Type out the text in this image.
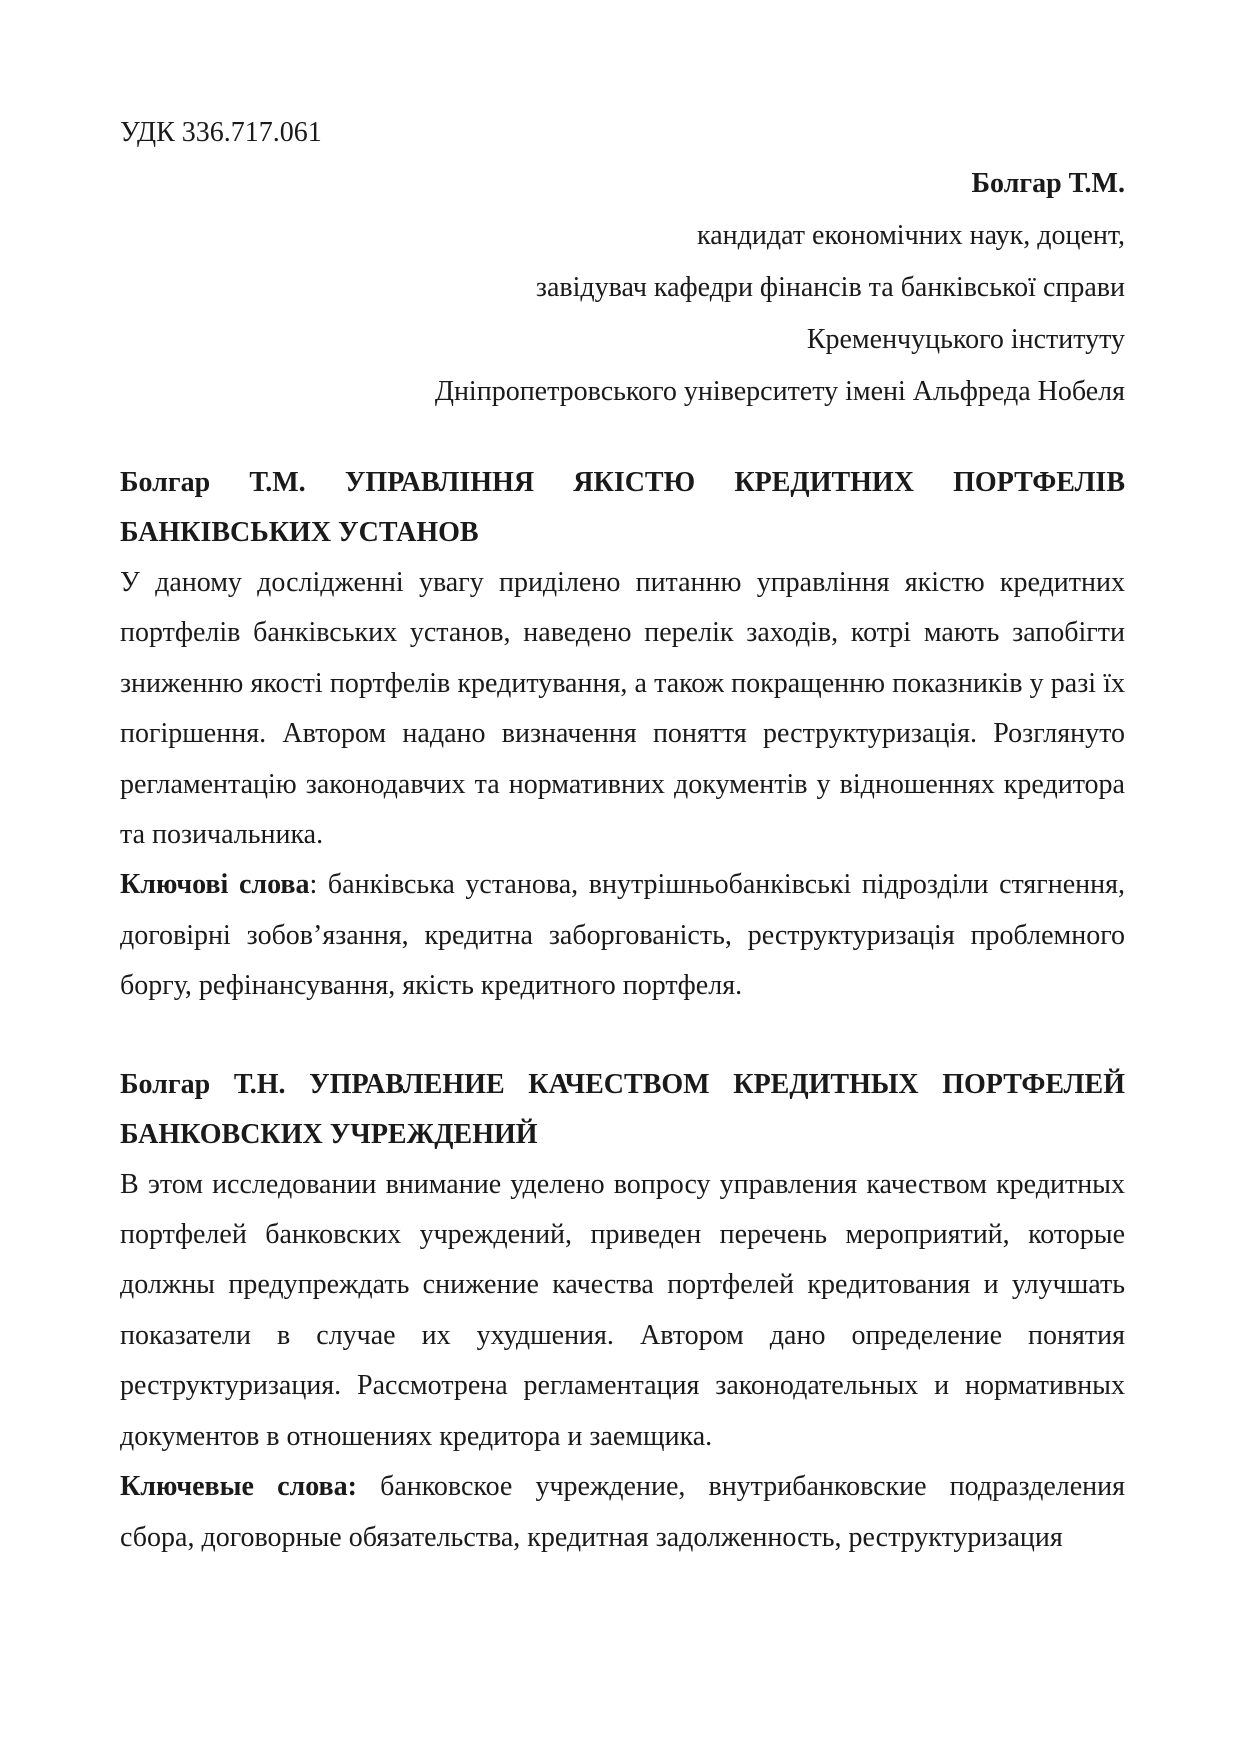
УДК 336.717.061

Болгар Т.М.

кандидат економічних наук, доцент,

завідувач кафедри фінансів та банківської справи

Кременчуцького інституту

Дніпропетровського університету імені Альфреда Нобеля

Болгар Т.М. УПРАВЛІННЯ ЯКІСТЮ КРЕДИТНИХ ПОРТФЕЛІВ БАНКІВСЬКИХ УСТАНОВ

У даному дослідженні увагу приділено питанню управління якістю кредитних портфелів банківських установ, наведено перелік заходів, котрі мають запобігти зниженню якості портфелів кредитування, а також покращенню показників у разі їх погіршення. Автором надано визначення поняття реструктуризація. Розглянуто регламентацію законодавчих та нормативних документів у відношеннях кредитора та позичальника.

Ключові слова: банківська установа, внутрішньобанківські підрозділи стягнення, договірні зобов’язання, кредитна заборгованість, реструктуризація проблемного боргу, рефінансування, якість кредитного портфеля.

Болгар Т.Н. УПРАВЛЕНИЕ КАЧЕСТВОМ КРЕДИТНЫХ ПОРТФЕЛЕЙ БАНКОВСКИХ УЧРЕЖДЕНИЙ

В этом исследовании внимание уделено вопросу управления качеством кредитных портфелей банковских учреждений, приведен перечень мероприятий, которые должны предупреждать снижение качества портфелей кредитования и улучшать показатели в случае их ухудшения. Автором дано определение понятия реструктуризация. Рассмотрена регламентация законодательных и нормативных документов в отношениях кредитора и заемщика.

Ключевые слова: банковское учреждение, внутрибанковские подразделения сбора, договорные обязательства, кредитная задолженность, реструктуризация
